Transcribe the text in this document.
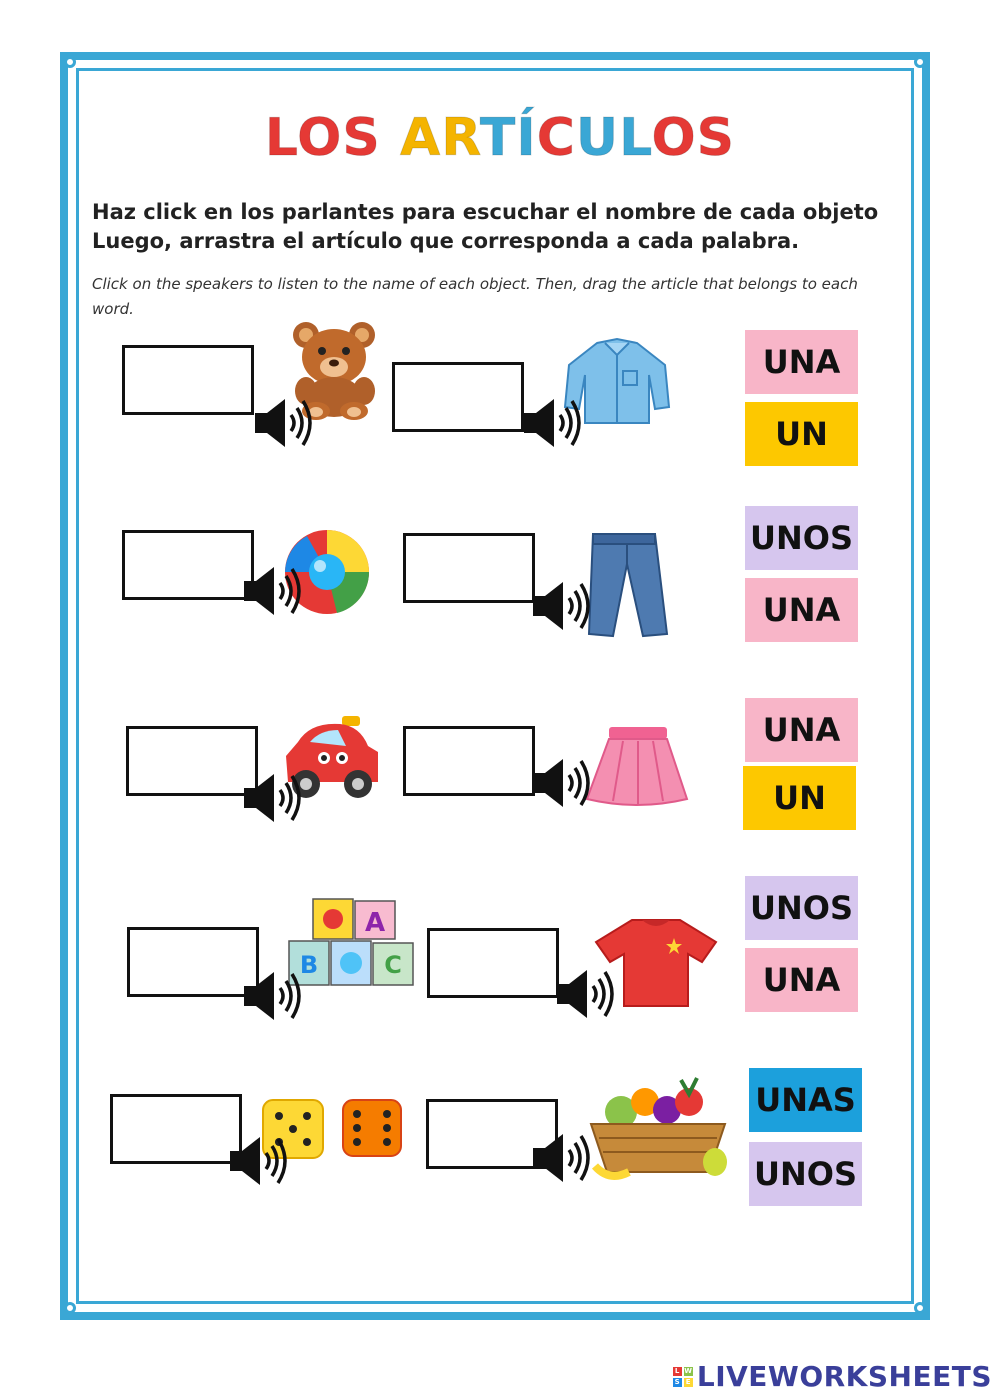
LOS ARTÍCULOS
Haz click en los parlantes para escuchar el nombre de cada objeto
Luego, arrastra el artículo que corresponda a cada palabra.
Click on the speakers to listen to the name of each object. Then, drag the article that belongs to each word.
A
B	C
UNA
UN
UNOS
UNA
UNA
UN
UNOS
UNA
UNAS
UNOS
L W
S E LIVEWORKSHEETS
